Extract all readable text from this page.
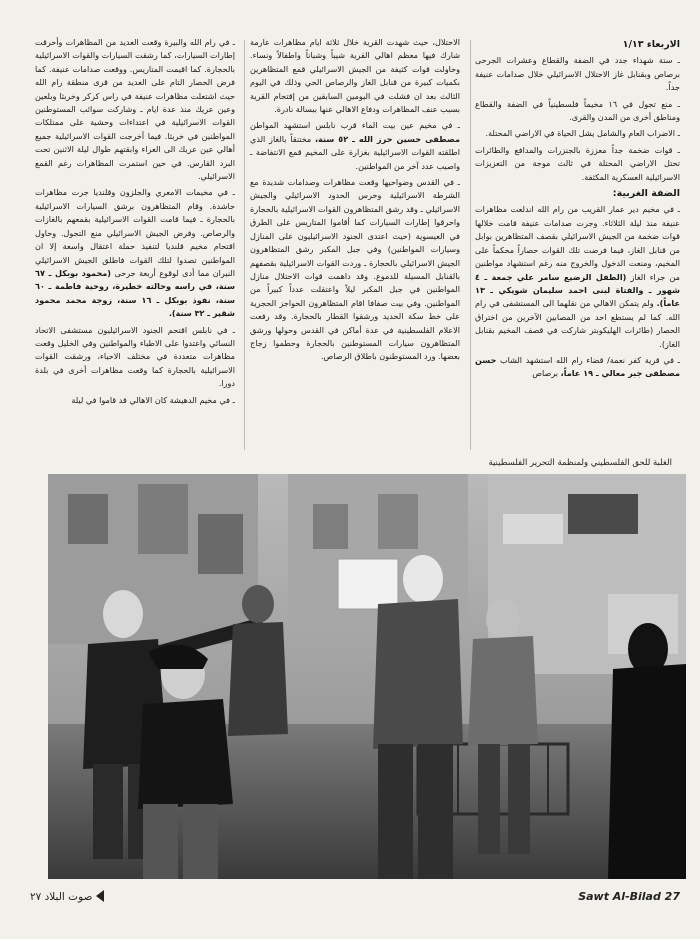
الاربعاء ١/١٣

ـ ستة شهداء جدد في الضفة والقطاع وعشرات الجرحى برصاص وبقنابل غاز الاحتلال الاسرائيلي خلال صدامات عنيفة جداً.

ـ منع تجول في ١٦ مخيماً فلسطينياً في الضفة والقطاع ومناطق أخرى من المدن والقرى.

ـ الاضراب العام والشامل يشل الحياة في الاراضي المحتلة.

ـ قوات ضخمة جداً معززة بالجنزرات والمدافع والطائرات تحتل الاراضي المحتلة في ثالث موجة من التعزيزات الاسرائيلية العسكرية المكثفة.

الضفة الغربية:

ـ في مخيم دير عمار القريب من رام الله اندلعت مظاهرات عنيفة منذ ليلة الثلاثاء. وجرت صدامات عنيفة قامت خلالها قوات ضخمة من الجيش الاسرائيلي بقصف المتظاهرين بوابل من قنابل الغاز، فيما فرضت تلك القوات حصاراً محكماً على المخيم، ومنعت الدخول والخروج منه رغم استشهاد مواطنين من جراء الغاز (الطفل الرضيع سامر علي جمعة ـ ٤ شهور ـ والفتاة لبنى احمد سليمان شويكي ـ ١٣ عاماً). ولم يتمكن الاهالي من نقلهما الى المستشفى في رام الله. كما لم يستطع احد من المصابين الآخرين من اختراق الحصار (طائرات الهليكوبتر شاركت في قصف المخيم بقنابل الغاز).

ـ في قرية كفر نعمة/ قضاء رام الله استشهد الشاب حسن مصطفى جبر معالي ـ ١٩ عاماً، برصاص

الاحتلال، حيث شهدت القرية خلال ثلاثة ايام مظاهرات عارمة شارك فيها معظم اهالي القرية شيباً وشباناً واطفالاً ونساء. وحاولت قوات كثيفة من الجيش الاسرائيلي قمع المتظاهرين بكميات كبيرة من قنابل الغاز والرصاص الحي وذلك في اليوم الثالث بعد ان فشلت في اليومين السابقين من إقتحام القرية بسبب عنف المظاهرات ودفاع الاهالي عنها ببسالة نادرة.

ـ في مخيم عين بيت الماء قرب نابلس استشهد المواطن مصطفى حسين حرز الله ـ ٥٢ سنة، مختنقاً بالغاز الذي اطلقته القوات الاسرائيلية بغزارة على المخيم قمع الانتفاضة ـ واصيب عدد آخر من المواطنين.

ـ في القدس وضواحيها وقعت مظاهرات وصدامات شديدة مع الشرطة الاسرائيلية وحرس الحدود الاسرائيلي والجيش الاسرائيلي ـ وقد رشق المتظاهرون القوات الاسرائيلية بالحجارة واحرقوا إطارات السيارات كما أقاموا المتاريس على الطرق في العيسوية (حيث اعتدى الجنود الاسرائيليون على المنازل وسيارات المواطنين) وفي جبل المكبر رشق المتظاهرون الجيش الاسرائيلي بالحجارة ـ وردت القوات الاسرائيلية بقصفهم بالقنابل المسيلة للدموع. وقد داهمت قوات الاحتلال منازل المواطنين في جبل المكبر ليلاً واعتقلت عدداً كبيراً من المواطنين. وفي بيت صفافا اقام المتظاهرون الحواجز الحجرية على خط سكة الحديد ورشقوا القطار بالحجارة. وقد رفعت الاعلام الفلسطينية في عدة أماكن في القدس وحولها ورشق المتظاهرون سيارات المستوطنين بالحجارة وحطموا زجاج بعضها. ورد المستوطنون باطلاق الرصاص.

ـ في رام الله والبيرة وقعت العديد من المظاهرات وأحرقت إطارات السيارات، كما رشقت السيارات والقوات الاسرائيلية بالحجارة. كما اقيمت المتاريس. ووقعت صدامات عنيفة. كما فرض الحصار التام على العديد من قرى منطقة رام الله حيث اشتعلت مظاهرات عنيفة في راس كركر وخربثا وبلعين وعين عريك منذ عدة ايام ـ وشاركت سوائب المستوطنين القوات الاسرائيلية في اعتداءات وحشية على ممتلكات المواطنين في خربثا. فيما أخرجت القوات الاسرائيلية جميع أهالي عين عريك الى العراء وابقتهم طوال ليلة الاثنين تحت البرد القارس. في حين استمرت المظاهرات رغم القمع الاسرائيلي.

ـ في مخيمات الامعري والجلزون وقلنديا جرت مظاهرات حاشدة. وقام المتظاهرون برشق السيارات الاسرائيلية بالحجارة ـ فيما قامت القوات الاسرائيلية بقمعهم بالغازات والرصاص. وفرض الجيش الاسرائيلي منع التجول. وحاول اقتحام مخيم قلنديا لتنفيذ حملة اعتقال واسعة إلا ان المواطنين تصدوا لتلك القوات فاطلق الجيش الاسرائيلي النيران مما أدى لوقوع أربعة جرحى (محمود بوبكل ـ ٦٧ سنة، في راسه وحالته خطيرة، روحية فاطمة ـ ٦٠ سنة، نفوذ بوبكل ـ ١٦ سنة، زوجة محمد محمود شقير ـ ٣٢ سنة).

ـ في نابلس اقتحم الجنود الاسرائيليون مستشفى الاتحاد النسائي واعتدوا على الاطباء والمواطنين وفي الخليل وقعت مظاهرات متعددة في مختلف الاحياء، ورشقت القوات الاسرائيلية بالحجارة كما وقعت مظاهرات أخرى في بلدة دورا.

ـ في مخيم الدهيشة كان الاهالي قد قاموا في ليلة

الغلبة للحق الفلسطيني ولمنظمة التحرير الفلسطينية
صوت البلاد ٢٧	Sawt Al-Bilad 27
